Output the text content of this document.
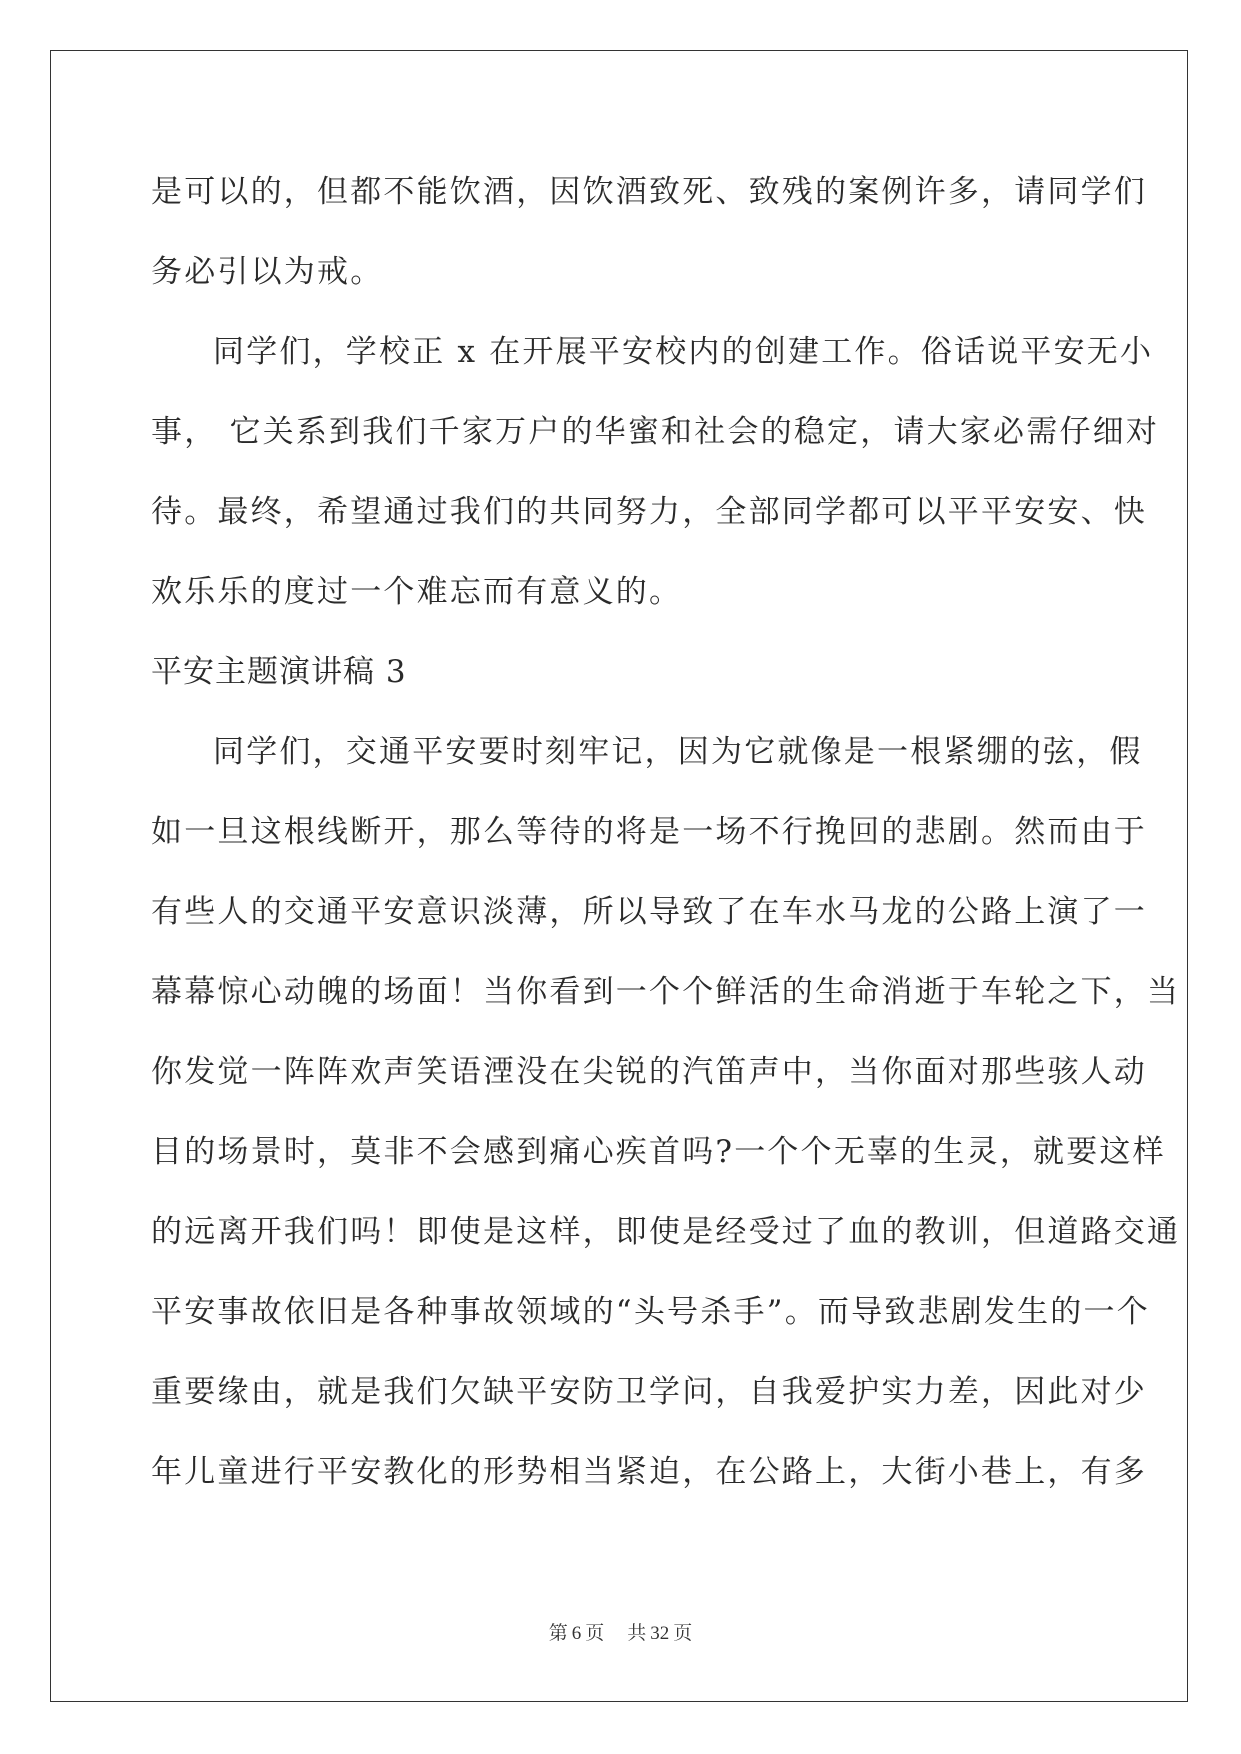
是可以的，但都不能饮酒，因饮酒致死、致残的案例许多，请同学们
务必引以为戒。
同学们，学校正 x 在开展平安校内的创建工作。俗话说平安无小
事， 它关系到我们千家万户的华蜜和社会的稳定，请大家必需仔细对
待。最终，希望通过我们的共同努力，全部同学都可以平平安安、快
欢乐乐的度过一个难忘而有意义的。
平安主题演讲稿 3
同学们，交通平安要时刻牢记，因为它就像是一根紧绷的弦，假
如一旦这根线断开，那么等待的将是一场不行挽回的悲剧。然而由于
有些人的交通平安意识淡薄，所以导致了在车水马龙的公路上演了一
幕幕惊心动魄的场面！当你看到一个个鲜活的生命消逝于车轮之下，当
你发觉一阵阵欢声笑语湮没在尖锐的汽笛声中，当你面对那些骇人动
目的场景时，莫非不会感到痛心疾首吗?一个个无辜的生灵，就要这样
的远离开我们吗！即使是这样，即使是经受过了血的教训，但道路交通
平安事故依旧是各种事故领域的“头号杀手”。而导致悲剧发生的一个
重要缘由，就是我们欠缺平安防卫学问，自我爱护实力差，因此对少
年儿童进行平安教化的形势相当紧迫，在公路上，大街小巷上，有多
第 6 页 共 32 页
